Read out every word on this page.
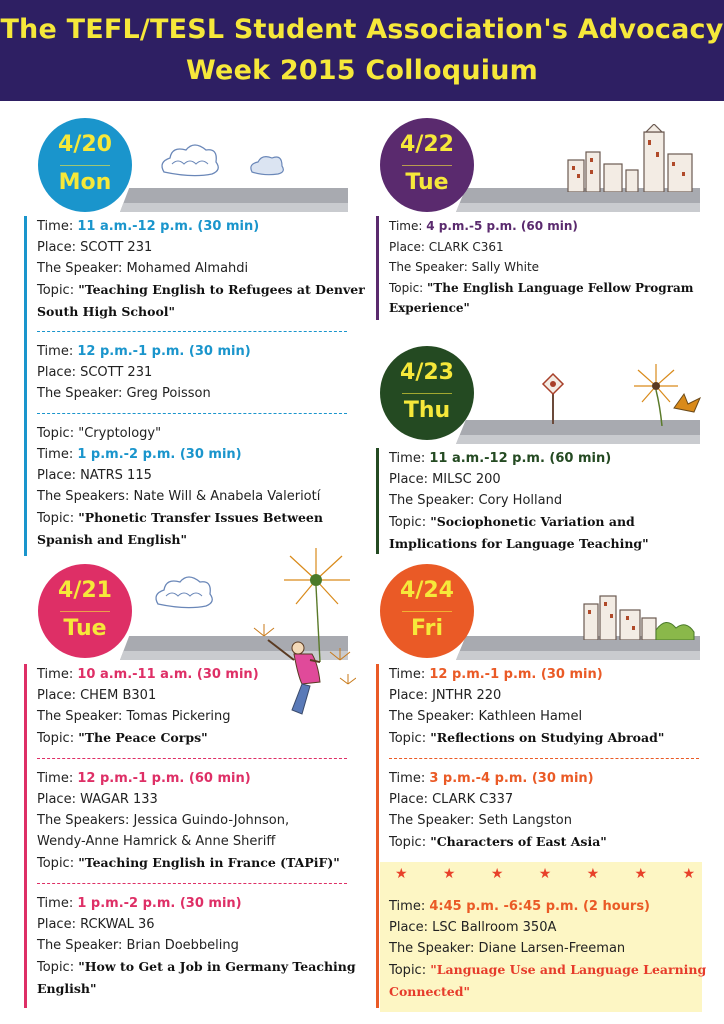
The TEFL/TESL Student Association's Advocacy
Week 2015 Colloquium
4/20
Mon
Time: 11 a.m.-12 p.m. (30 min)
Place: SCOTT 231
The Speaker: Mohamed Almahdi
Topic: "Teaching English to Refugees at Denver
South High School"
Time: 12 p.m.-1 p.m. (30 min)
Place: SCOTT 231
The Speaker: Greg Poisson
Topic: "Cryptology"
Time: 1 p.m.-2 p.m. (30 min)
Place: NATRS 115
The Speakers: Nate Will & Anabela Valeriotí
Topic: "Phonetic Transfer Issues Between
Spanish and English"
4/22
Tue
Time: 4 p.m.-5 p.m. (60 min)
Place: CLARK C361
The Speaker: Sally White
Topic: "The English Language Fellow Program
Experience"
4/23
Thu
Time: 11 a.m.-12 p.m. (60 min)
Place: MILSC 200
The Speaker: Cory Holland
Topic: "Sociophonetic Variation and
Implications for Language Teaching"
4/21
Tue
Time: 10 a.m.-11 a.m. (30 min)
Place: CHEM B301
The Speaker: Tomas Pickering
Topic: "The Peace Corps"
Time: 12 p.m.-1 p.m. (60 min)
Place: WAGAR 133
The Speakers: Jessica Guindo-Johnson,
Wendy-Anne Hamrick & Anne Sheriff
Topic: "Teaching English in France (TAPiF)"
Time: 1 p.m.-2 p.m. (30 min)
Place: RCKWAL 36
The Speaker: Brian Doebbeling
Topic: "How to Get a Job in Germany Teaching
English"
4/24
Fri
★	★	★	★	★	★	★
Time: 12 p.m.-1 p.m. (30 min)
Place: JNTHR 220
The Speaker: Kathleen Hamel
Topic: "Reflections on Studying Abroad"
Time: 3 p.m.-4 p.m. (30 min)
Place: CLARK C337
The Speaker: Seth Langston
Topic: "Characters of East Asia"
Time: 4:45 p.m. -6:45 p.m. (2 hours)
Place: LSC Ballroom 350A
The Speaker: Diane Larsen-Freeman
Topic: "Language Use and Language Learning
Connected"
